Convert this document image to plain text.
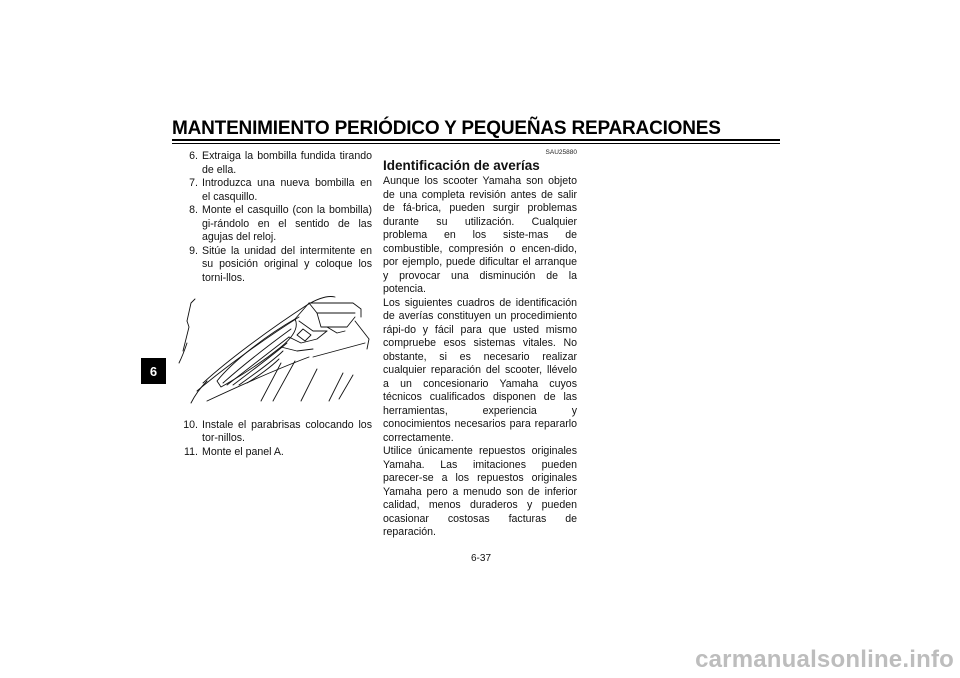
MANTENIMIENTO PERIÓDICO Y PEQUEÑAS REPARACIONES
6
6. Extraiga la bombilla fundida tirando de ella.
7. Introduzca una nueva bombilla en el casquillo.
8. Monte el casquillo (con la bombilla) gi-rándolo en el sentido de las agujas del reloj.
9. Sitúe la unidad del intermitente en su posición original y coloque los torni-llos.
10. Instale el parabrisas colocando los tor-nillos.
11. Monte el panel A.
SAU25880
Identificación de averías

Aunque los scooter Yamaha son objeto de una completa revisión antes de salir de fá-brica, pueden surgir problemas durante su utilización. Cualquier problema en los siste-mas de combustible, compresión o encen-dido, por ejemplo, puede dificultar el arranque y provocar una disminución de la potencia.

Los siguientes cuadros de identificación de averías constituyen un procedimiento rápi-do y fácil para que usted mismo compruebe esos sistemas vitales. No obstante, si es necesario realizar cualquier reparación del scooter, llévelo a un concesionario Yamaha cuyos técnicos cualificados disponen de las herramientas, experiencia y conocimientos necesarios para repararlo correctamente.

Utilice únicamente repuestos originales Yamaha. Las imitaciones pueden parecer-se a los repuestos originales Yamaha pero a menudo son de inferior calidad, menos duraderos y pueden ocasionar costosas facturas de reparación.

6-37
carmanualsonline.info
